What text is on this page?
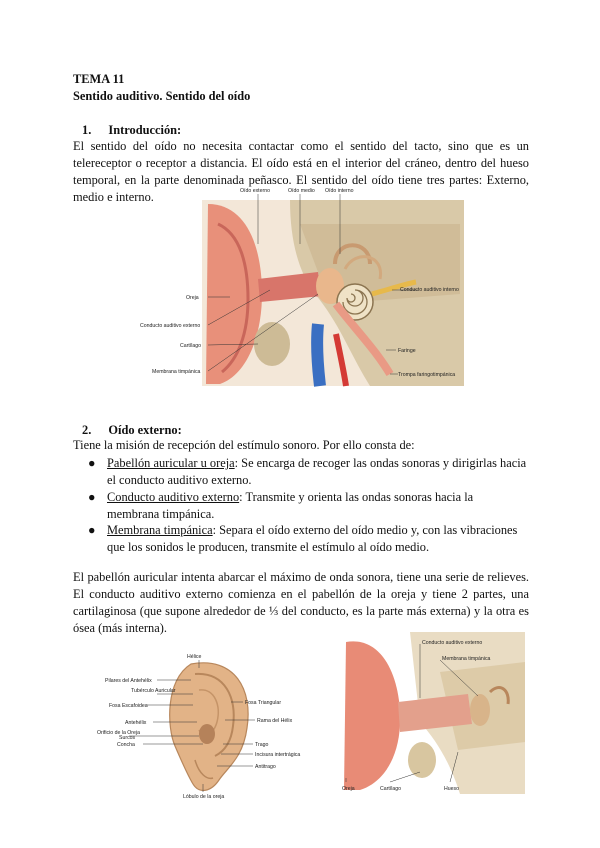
TEMA 11
Sentido auditivo. Sentido del oído
1. Introducción:
El sentido del oído no necesita contactar como el sentido del tacto, sino que es un telereceptor o receptor a distancia. El oído está en el interior del cráneo, dentro del hueso temporal, en la parte denominada peñasco. El sentido del oído tiene tres partes: Externo, medio e interno.	Oído externo	Oído medio Oído interno
Conducto auditivo interno
Oreja
Conducto auditivo externo
Cartílago
Membrana timpánica
Faringe
Trompa faringotimpánica
2. Oído externo:
Tiene la misión de recepción del estímulo sonoro. Por ello consta de:
● Pabellón auricular u oreja: Se encarga de recoger las ondas sonoras y dirigirlas hacia el conducto auditivo externo.
● Conducto auditivo externo: Transmite y orienta las ondas sonoras hacia la membrana timpánica.
● Membrana timpánica: Separa el oído externo del oído medio y, con las vibraciones que los sonidos le producen, transmite el estímulo al oído medio.
El pabellón auricular intenta abarcar el máximo de onda sonora, tiene una serie de relieves. El conducto auditivo externo comienza en el pabellón de la oreja y tiene 2 partes, una cartilaginosa (que supone alrededor de ⅓ del conducto, es la parte más externa) y la otra es ósea (más interna).
Hélice
Pilares del Antehélix
Tubérculo Auricular
Fosa Escafoidea
Antehélix
Orificio de la Oreja
Surcos
Concha
Fosa Triangular
Rama del Hélix
Trago
Incisura intertrágica
Antitrago
Lóbulo de la oreja
Conducto auditivo externo
Membrana timpánica
Oreja	Cartílago	Hueso
